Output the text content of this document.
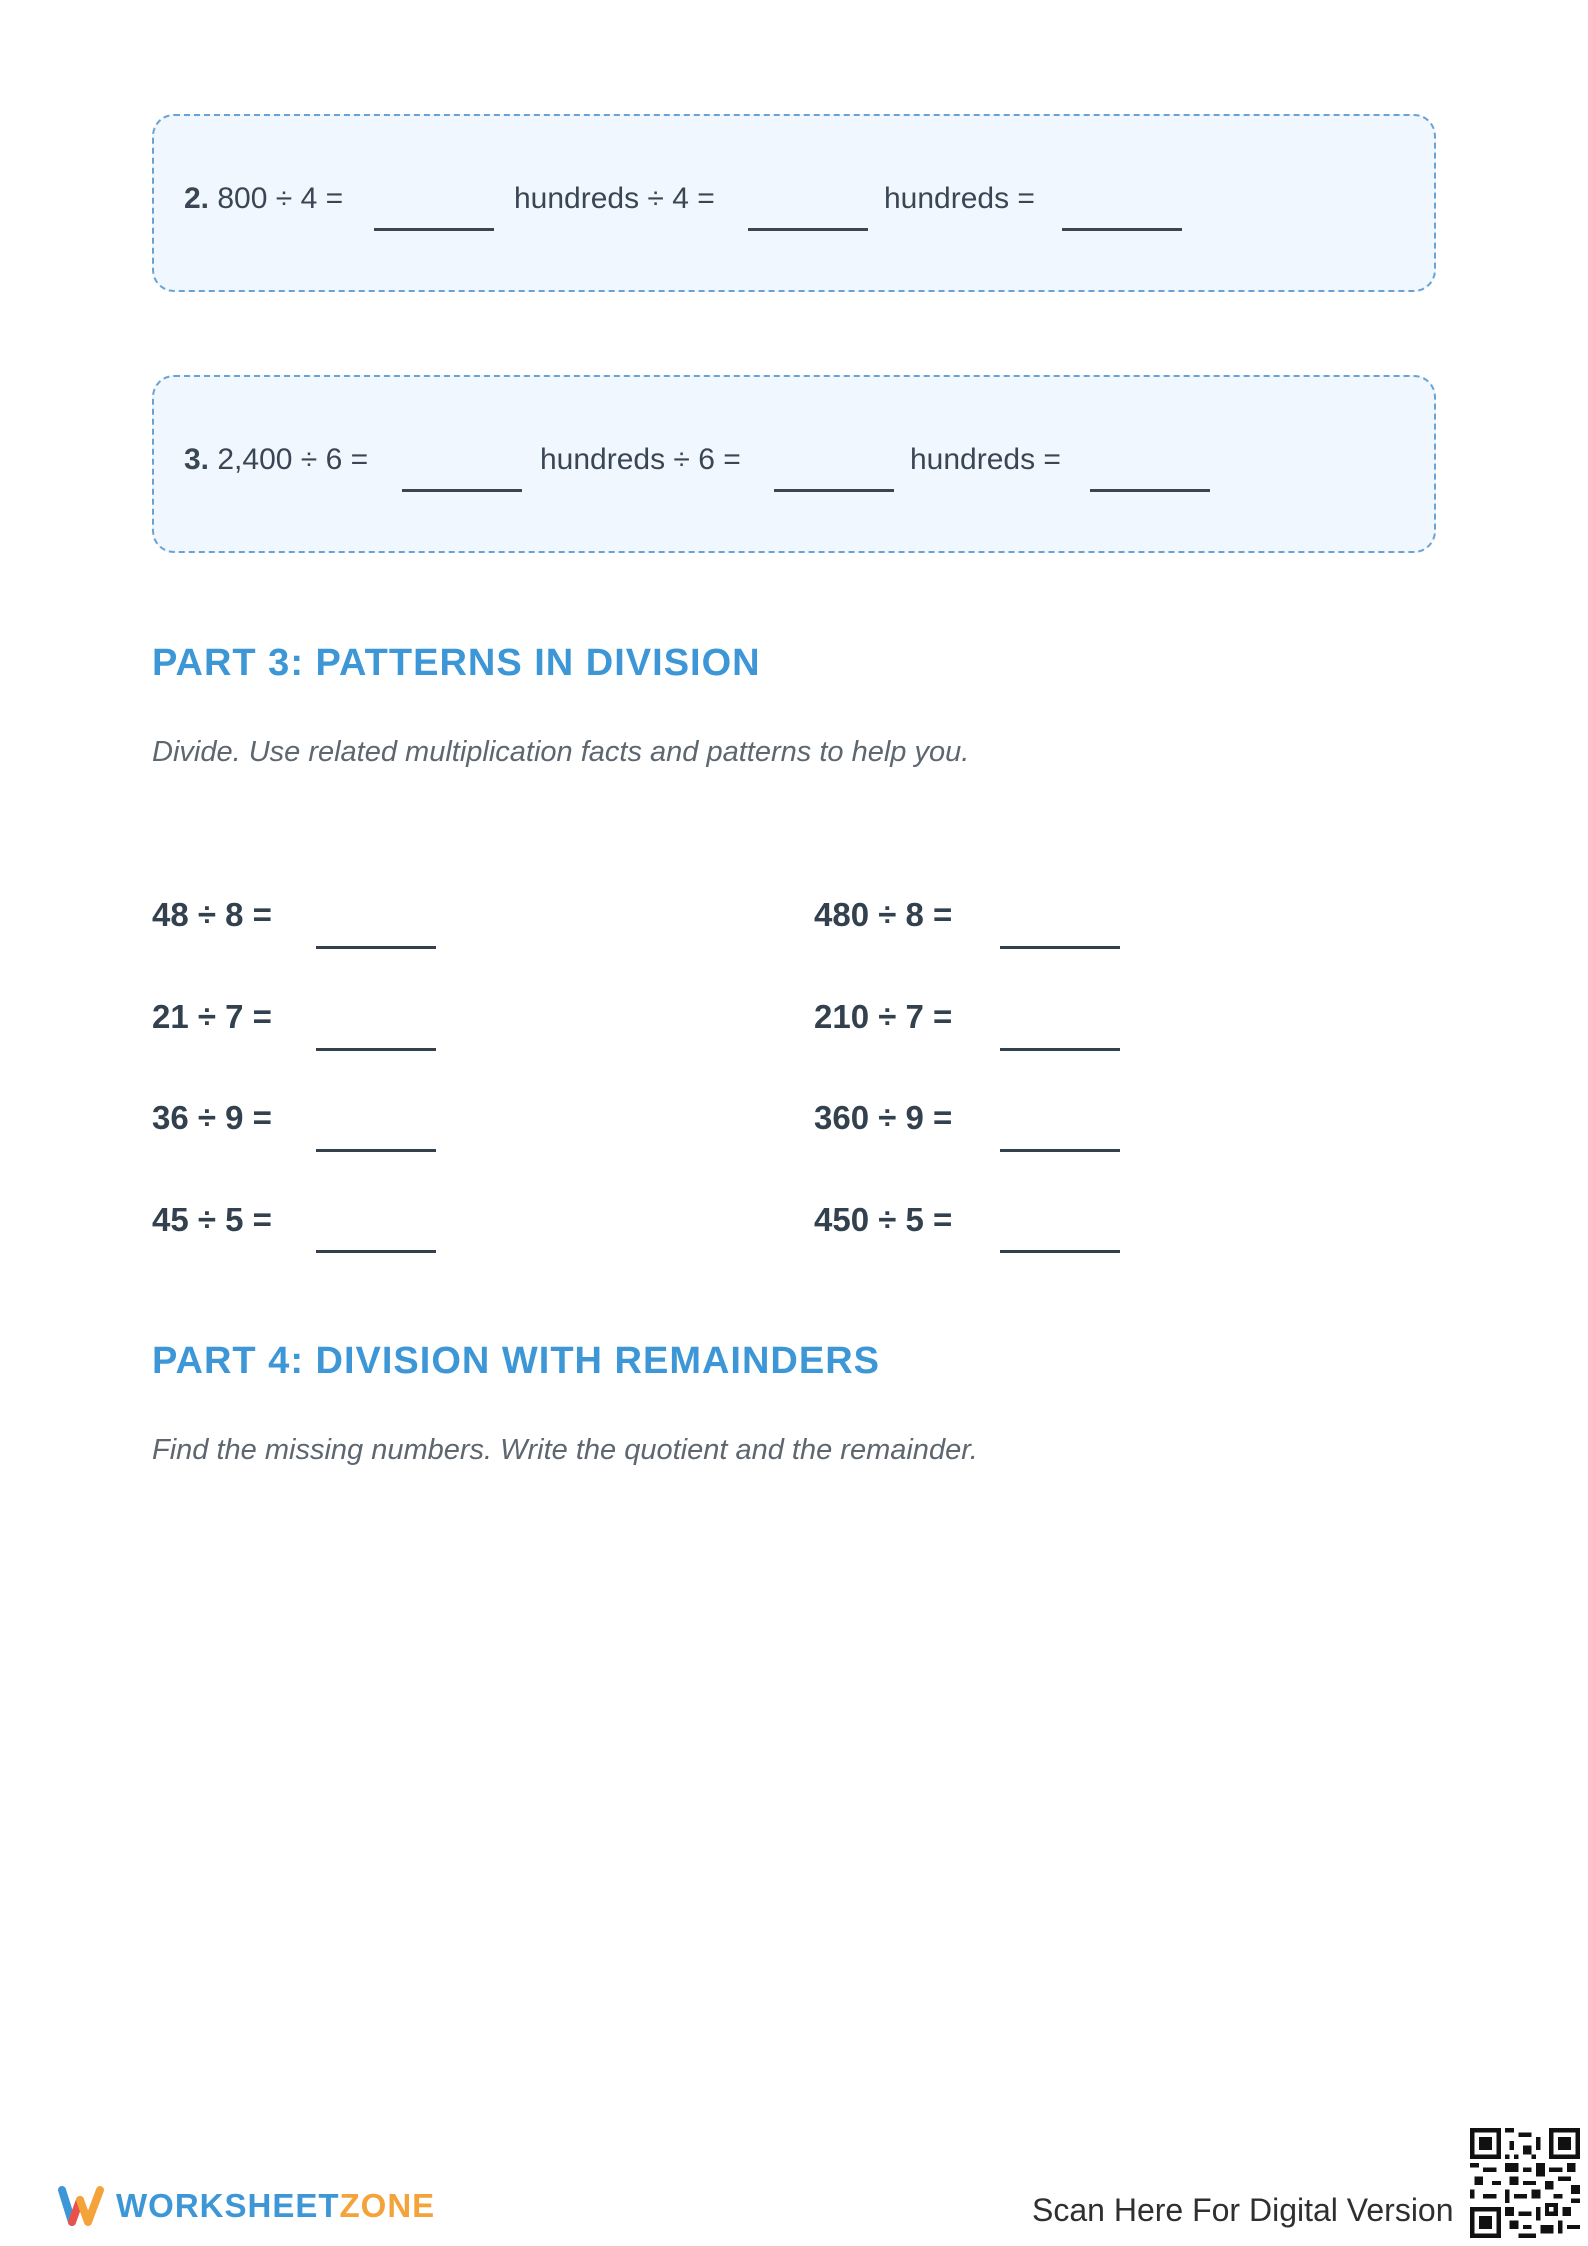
2. 800 ÷ 4 =	hundreds ÷ 4 =	hundreds =
3. 2,400 ÷ 6 =	hundreds ÷ 6 =	hundreds =
PART 3: PATTERNS IN DIVISION
Divide. Use related multiplication facts and patterns to help you.
48 ÷ 8 =
21 ÷ 7 =
36 ÷ 9 =
45 ÷ 5 =
480 ÷ 8 =
210 ÷ 7 =
360 ÷ 9 =
450 ÷ 5 =
PART 4: DIVISION WITH REMAINDERS
Find the missing numbers. Write the quotient and the remainder.
WORKSHEETZONE	Scan Here For Digital Version
